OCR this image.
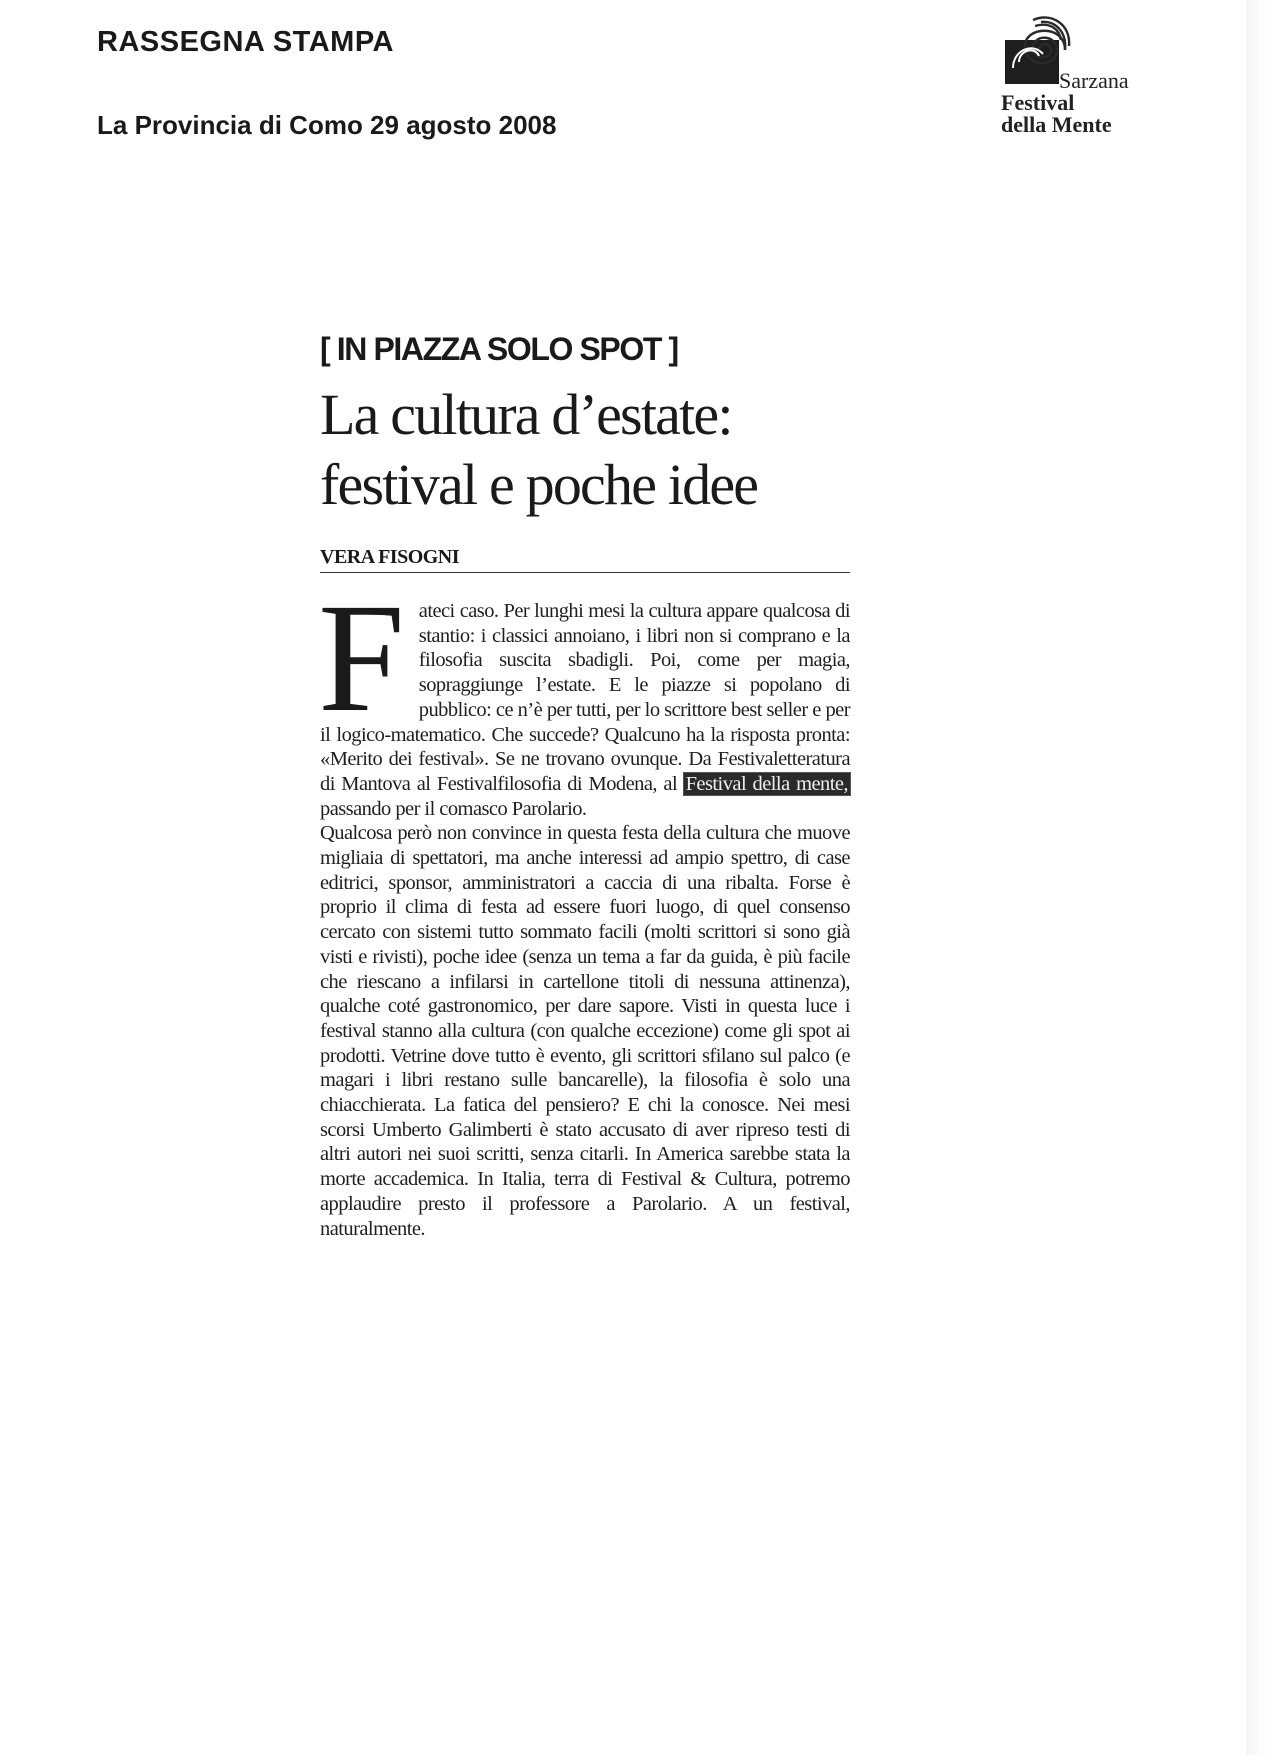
RASSEGNA STAMPA
La Provincia di Como 29 agosto 2008
Sarzana
Festival
della Mente
[ IN PIAZZA SOLO SPOT ]
La cultura d’estate:
festival e poche idee
VERA FISOGNI

Fateci caso. Per lunghi mesi la cultura appare qualcosa di stantio: i classici annoiano, i libri non si comprano e la filosofia suscita sbadigli. Poi, come per magia, sopraggiunge l’estate. E le piazze si popolano di pubblico: ce n’è per tutti, per lo scrittore best seller e per il logico-matematico. Che succede? Qualcuno ha la risposta pronta: «Merito dei festival». Se ne trovano ovunque. Da Festivaletteratura di Mantova al Festivalfilosofia di Modena, al Festival della mente, passando per il comasco Parolario.

Qualcosa però non convince in questa festa della cultura che muove migliaia di spettatori, ma anche interessi ad ampio spettro, di case editrici, sponsor, amministratori a caccia di una ribalta. Forse è proprio il clima di festa ad essere fuori luogo, di quel consenso cercato con sistemi tutto sommato facili (molti scrittori si sono già visti e rivisti), poche idee (senza un tema a far da guida, è più facile che riescano a infilarsi in cartellone titoli di nessuna attinenza), qualche coté gastronomico, per dare sapore. Visti in questa luce i festival stanno alla cultura (con qualche eccezione) come gli spot ai prodotti. Vetrine dove tutto è evento, gli scrittori sfilano sul palco (e magari i libri restano sulle bancarelle), la filosofia è solo una chiacchierata. La fatica del pensiero? E chi la conosce. Nei mesi scorsi Umberto Galimberti è stato accusato di aver ripreso testi di altri autori nei suoi scritti, senza citarli. In America sarebbe stata la morte accademica. In Italia, terra di Festival & Cultura, potremo applaudire presto il professore a Parolario. A un festival, naturalmente.
